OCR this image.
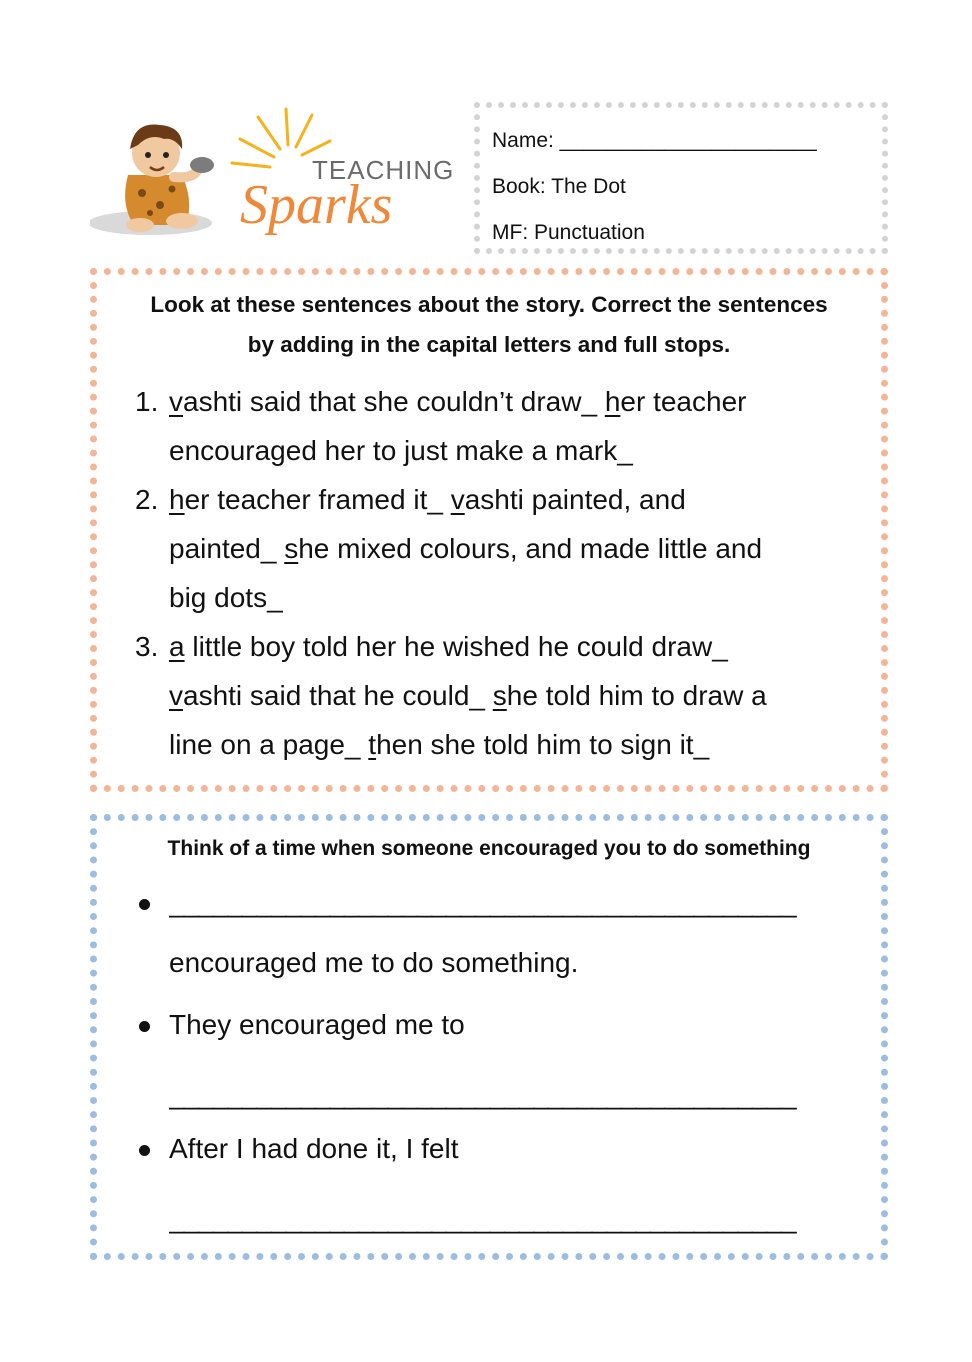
TEACHING
Sparks
Name: ______________________
Book: The Dot
MF: Punctuation

Look at these sentences about the story. Correct the sentences

by adding in the capital letters and full stops.

1. vashti said that she couldn’t draw_ her teacher
encouraged her to just make a mark_
2. her teacher framed it_ vashti painted, and
painted_ she mixed colours, and made little and
big dots_
3. a little boy told her he wished he could draw_
vashti said that he could_ she told him to draw a
line on a page_ then she told him to sign it_

Think of a time when someone encouraged you to do something

___________________________________________
encouraged me to do something.
They encouraged me to
___________________________________________
After I had done it, I felt
___________________________________________
